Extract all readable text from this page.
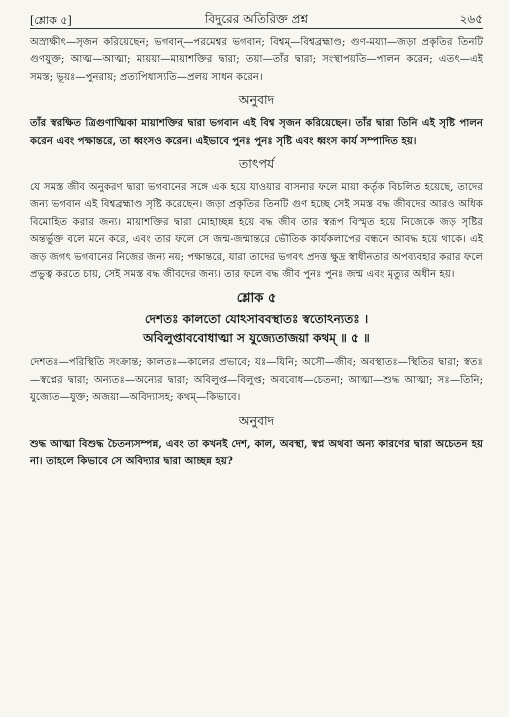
[শ্লোক ৫]	বিদুরের অতিরিক্ত প্রশ্ন	২৬৫

অস্রাক্ষীৎ—সৃজন করিয়েছেন; ভগবান্—পরমেশ্বর ভগবান; বিশ্বম্—বিশ্বব্রহ্মাণ্ড; গুণ-ময্যা—জড়া প্রকৃতির তিনটি গুণযুক্ত; আত্ম—আত্মা; মায়য়া—মায়াশক্তির দ্বারা; তয়া—তাঁর দ্বারা; সংস্থাপয়তি—পালন করেন; এতৎ—এই সমস্ত; ভূয়ঃ—পুনরায়; প্রত্যপিধাস্যতি—প্রলয় সাধন করেন।

অনুবাদ

তাঁর স্বরক্ষিত ত্রিগুণাত্মিকা মায়াশক্তির দ্বারা ভগবান এই বিশ্ব সৃজন করিয়েছেন। তাঁর দ্বারা তিনি এই সৃষ্টি পালন করেন এবং পক্ষান্তরে, তা ধ্বংসও করেন। এইভাবে পুনঃ পুনঃ সৃষ্টি এবং ধ্বংস কার্য সম্পাদিত হয়।

তাৎপর্য

যে সমস্ত জীব অনুকরণ দ্বারা ভগবানের সঙ্গে এক হয়ে যাওয়ার বাসনার ফলে মায়া কর্তৃক বিচলিত হয়েছে, তাদের জন্য ভগবান এই বিশ্বব্রহ্মাণ্ড সৃষ্টি করেছেন। জড়া প্রকৃতির তিনটি গুণ হচ্ছে সেই সমস্ত বদ্ধ জীবদের আরও অধিক বিমোহিত করার জন্য। মায়াশক্তির দ্বারা মোহাচ্ছন্ন হয়ে বদ্ধ জীব তার স্বরূপ বিস্মৃত হয়ে নিজেকে জড় সৃষ্টির অন্তর্ভুক্ত বলে মনে করে, এবং তার ফলে সে জন্ম-জন্মান্তরে ভৌতিক কার্যকলাপের বন্ধনে আবদ্ধ হয়ে থাকে। এই জড় জগৎ ভগবানের নিজের জন্য নয়; পক্ষান্তরে, যারা তাদের ভগবৎ প্রদত্ত ক্ষুদ্র স্বাধীনতার অপব্যবহার করার ফলে প্রভুত্ব করতে চায়, সেই সমস্ত বদ্ধ জীবদের জন্য। তার ফলে বদ্ধ জীব পুনঃ পুনঃ জন্ম এবং মৃত্যুর অধীন হয়।

শ্লোক ৫
দেশতঃ কালতো যোঽসাববস্থাতঃ স্বতোঽন্যতঃ ।
অবিলুপ্তাববোধাত্মা স যুজ্যেতাজয়া কথম্ ॥ ৫ ॥

দেশতঃ—পরিস্থিতি সংক্রান্ত; কালতঃ—কালের প্রভাবে; যঃ—যিনি; অসৌ—জীব; অবস্থাতঃ—স্থিতির দ্বারা; স্বতঃ—স্বপ্নের দ্বারা; অন্যতঃ—অন্যের দ্বারা; অবিলুপ্ত—বিলুপ্ত; অববোধ—চেতনা; আত্মা—শুদ্ধ আত্মা; সঃ—তিনি; যুজ্যেত—যুক্ত; অজয়া—অবিদ্যাসহ; কথম্—কিভাবে।

অনুবাদ

শুদ্ধ আত্মা বিশুদ্ধ চৈতন্যসম্পন্ন, এবং তা কখনই দেশ, কাল, অবস্থা, স্বপ্ন অথবা অন্য কারণের দ্বারা অচেতন হয় না। তাহলে কিভাবে সে অবিদ্যার দ্বারা আচ্ছন্ন হয়?
